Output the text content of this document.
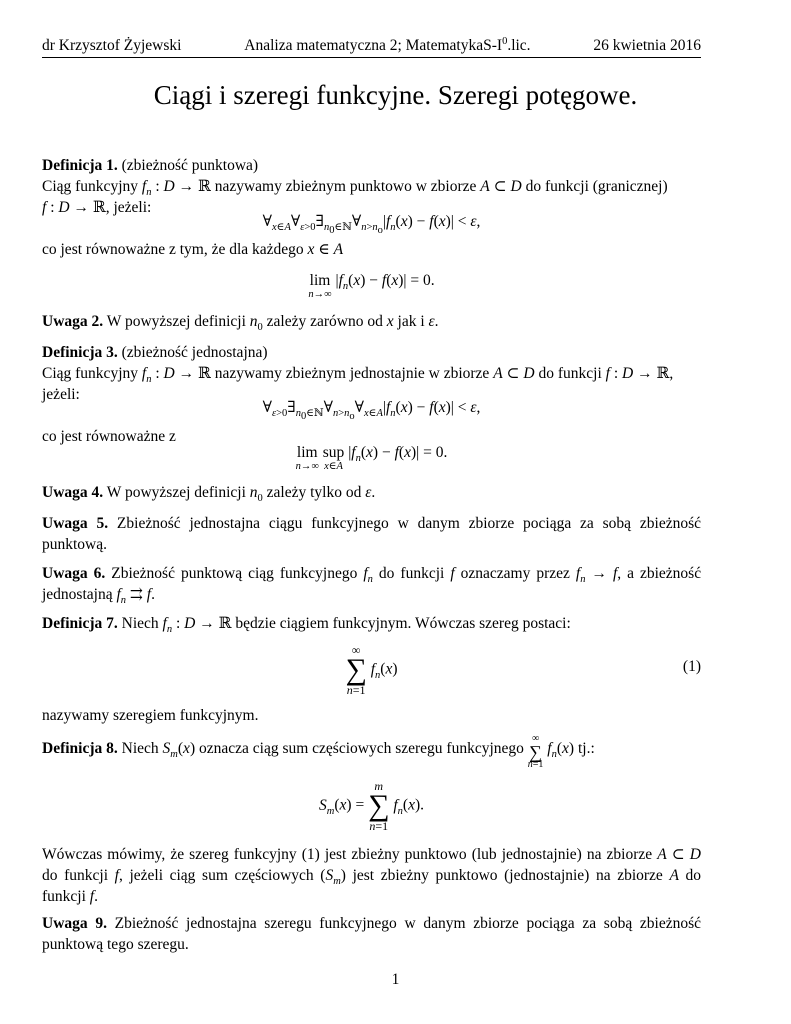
dr Krzysztof Żyjewski	Analiza matematyczna 2; MatematykaS-$I^0.lic$.	26 kwietnia 2016
Ciągi i szeregi funkcyjne. Szeregi potęgowe.
Definicja 1. (zbieżność punktowa)
Ciąg funkcyjny $f_n$ : D → ℝ nazywamy zbieżnym punktowo w zbiorze A ⊂ D do funkcji (granicznej)
f : D → ℝ, jeżeli:
$\forall_{x\in A}\forall_{\varepsilon>0}\exists_{n_0\in ℕ}\forall_{n>n_o}|f_n(x) - f(x)| < \varepsilon$,
co jest równoważne z tym, że dla każdego x ∈ A
lim
n→∞
$|f_n(x) - f(x)| = 0$.
Uwaga 2. W powyższej definicji $n_0$ zależy zarówno od x jak i ε.
Definicja 3. (zbieżność jednostajna)
Ciąg funkcyjny $f_n$ : D → ℝ nazywamy zbieżnym jednostajnie w zbiorze A ⊂ D do funkcji f : D → ℝ,
jeżeli:
$\forall_{\varepsilon>0}\exists_{n_0\in ℕ}\forall_{n>n_o}\forall_{x\in A}|f_n(x) - f(x)| < \varepsilon$,
co jest równoważne z
lim
n→∞

sup
x∈A
$|f_n(x) - f(x)| = 0$.
Uwaga 4. W powyższej definicji $n_0$ zależy tylko od ε.
Uwaga 5. Zbieżność jednostajna ciągu funkcyjnego w danym zbiorze pociąga za sobą zbieżność punktową.
Uwaga 6. Zbieżność punktową ciąg funkcyjnego $f_n$ do funkcji f oznaczamy przez $f_n \to f$, a zbieżność jednostajną $f_n$ ⇉ f.
Definicja 7. Niech $f_n$ : D → ℝ będzie ciągiem funkcyjnym. Wówczas szereg postaci:
∞
∑
n=1
$f_n(x)$	(1)
nazywamy szeregiem funkcyjnym.
Definicja 8. Niech $S_m(x)$ oznacza ciąg sum częściowych szeregu funkcyjnego
∞
∑
n=1
$f_n(x)$ tj.:
$S_m(x)$ =
m
∑
n=1
$f_n(x)$.
Wówczas mówimy, że szereg funkcyjny (1) jest zbieżny punktowo (lub jednostajnie) na zbiorze A ⊂ D do funkcji f, jeżeli ciąg sum częściowych $(S_m)$ jest zbieżny punktowo (jednostajnie) na zbiorze A do funkcji f.
Uwaga 9. Zbieżność jednostajna szeregu funkcyjnego w danym zbiorze pociąga za sobą zbieżność punktową tego szeregu.
1
